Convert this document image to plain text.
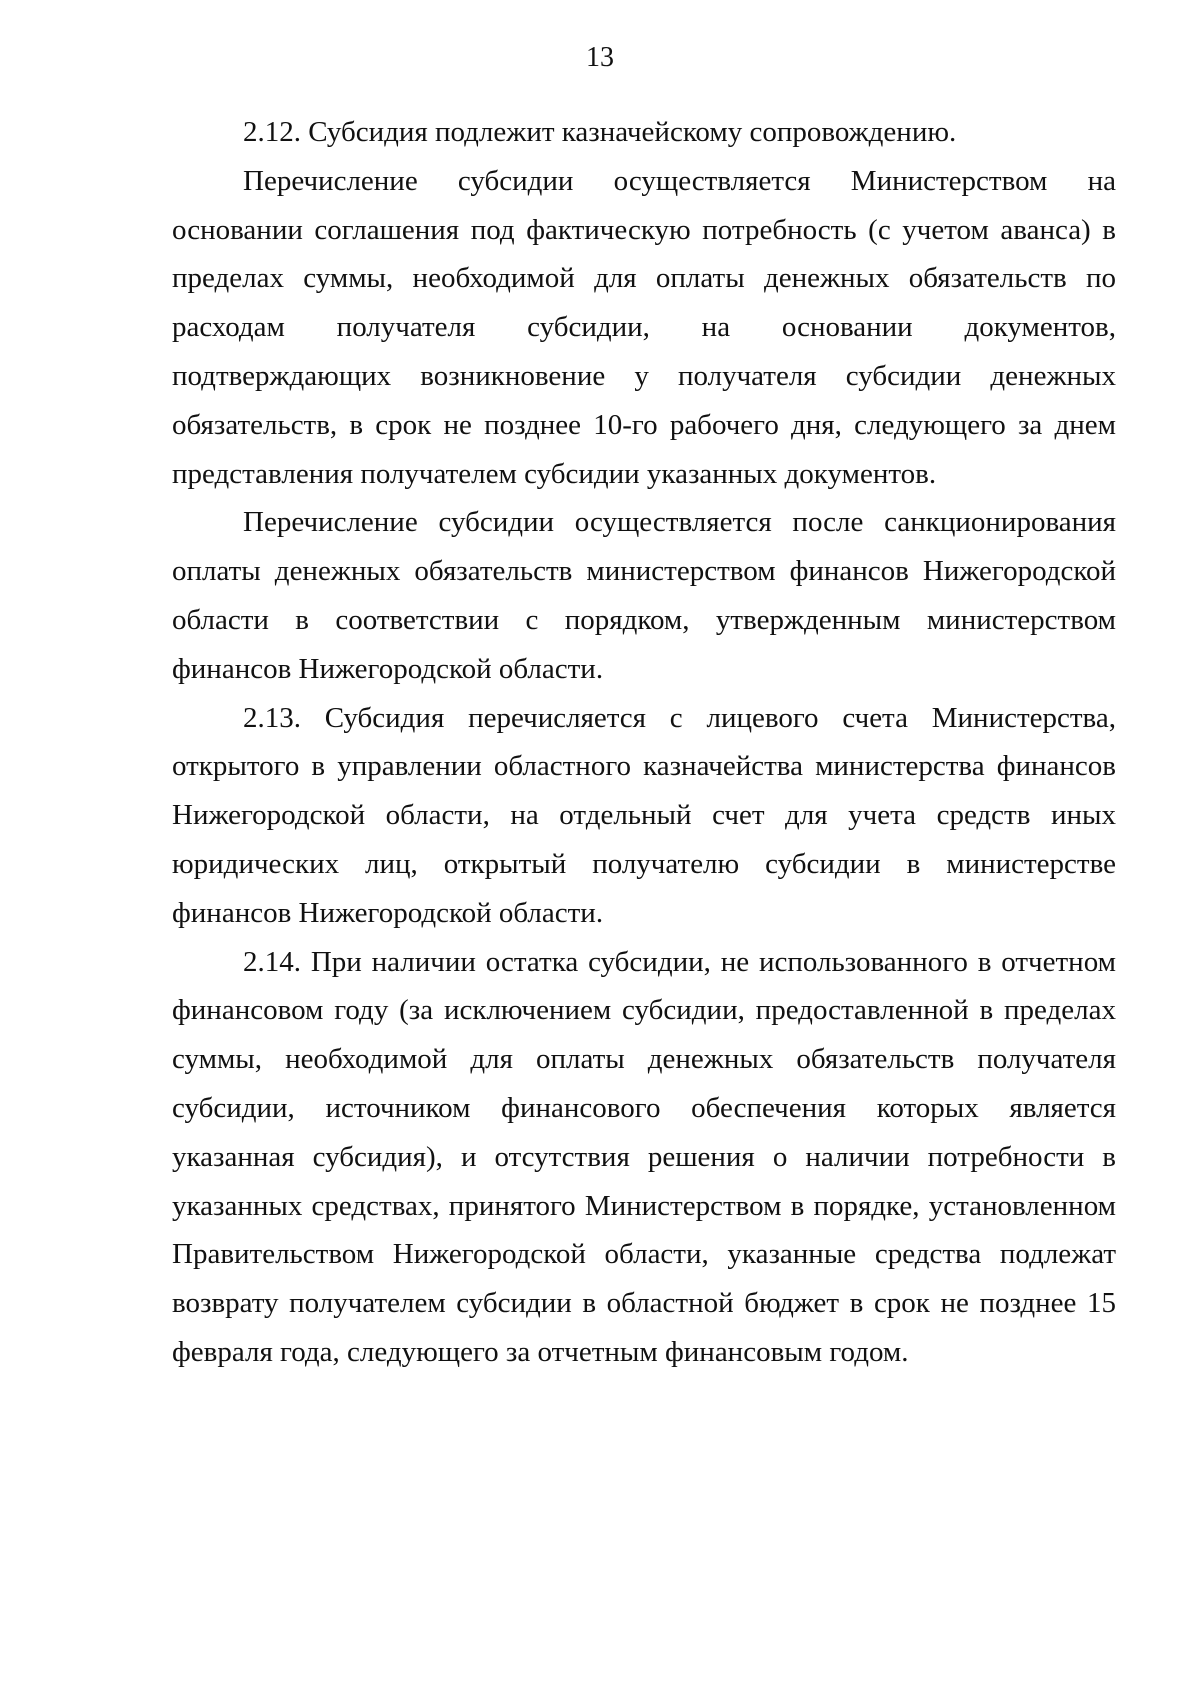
13

2.12. Субсидия подлежит казначейскому сопровождению.

Перечисление субсидии осуществляется Министерством на основании соглашения под фактическую потребность (с учетом аванса) в пределах суммы, необходимой для оплаты денежных обязательств по расходам получателя субсидии, на основании документов, подтверждающих возникновение у получателя субсидии денежных обязательств, в срок не позднее 10-го рабочего дня, следующего за днем представления получателем субсидии указанных документов.

Перечисление субсидии осуществляется после санкционирования оплаты денежных обязательств министерством финансов Нижегородской области в соответствии с порядком, утвержденным министерством финансов Нижегородской области.

2.13. Субсидия перечисляется с лицевого счета Министерства, открытого в управлении областного казначейства министерства финансов Нижегородской области, на отдельный счет для учета средств иных юридических лиц, открытый получателю субсидии в министерстве финансов Нижегородской области.

2.14. При наличии остатка субсидии, не использованного в отчетном финансовом году (за исключением субсидии, предоставленной в пределах суммы, необходимой для оплаты денежных обязательств получателя субсидии, источником финансового обеспечения которых является указанная субсидия), и отсутствия решения о наличии потребности в указанных средствах, принятого Министерством в порядке, установленном Правительством Нижегородской области, указанные средства подлежат возврату получателем субсидии в областной бюджет в срок не позднее 15 февраля года, следующего за отчетным финансовым годом.
